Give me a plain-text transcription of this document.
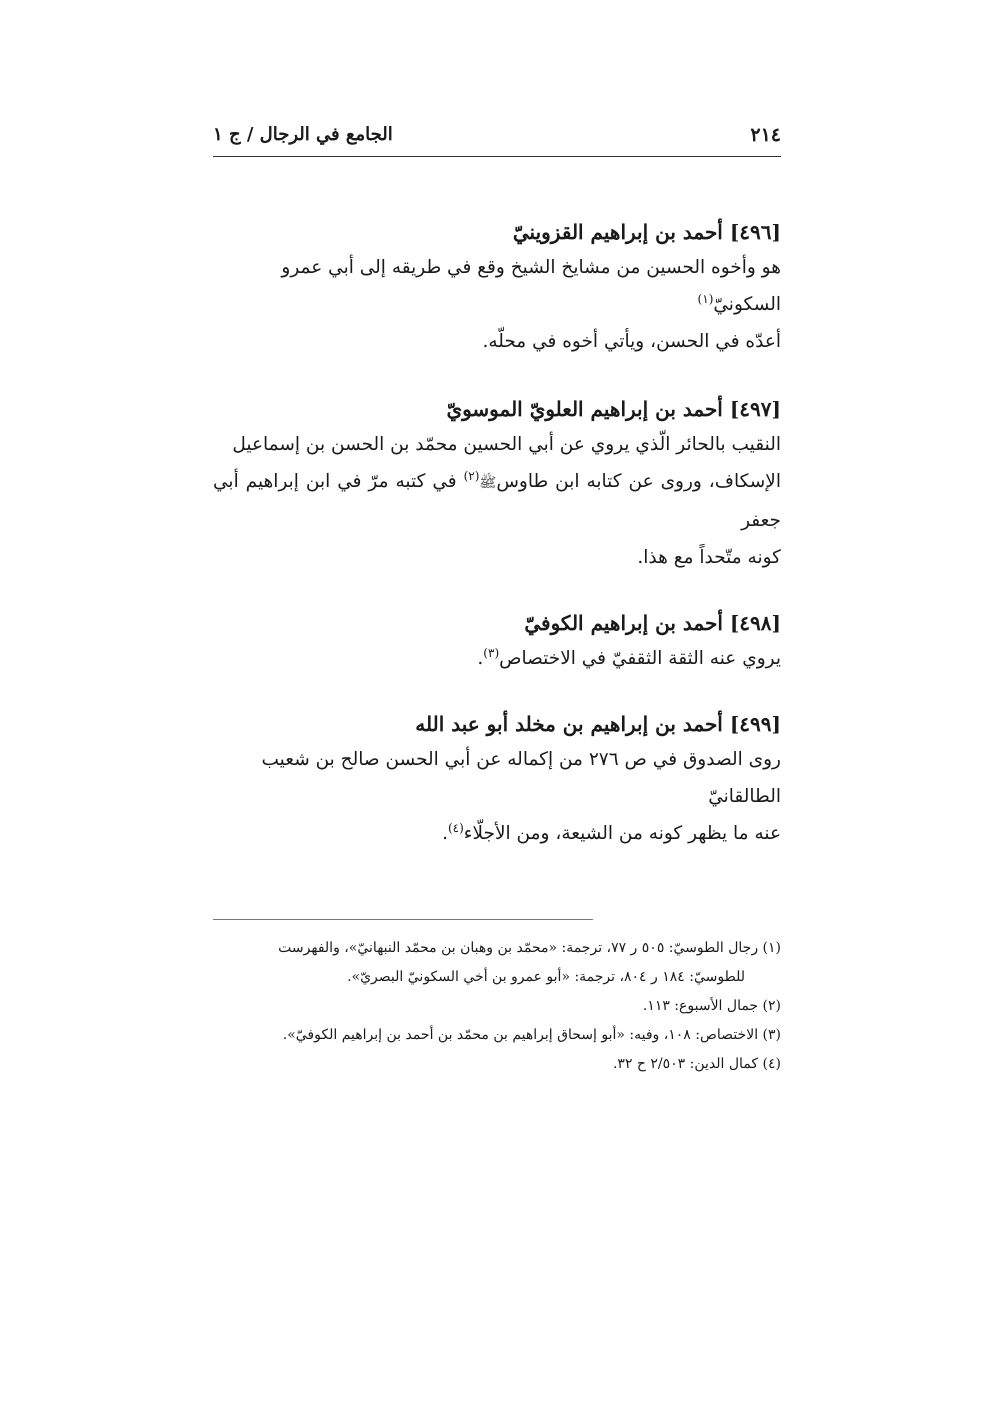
٢١٤
الجامع في الرجال / ج ١

[٤٩٦] أحمد بن إبراهيم القزوينيّ

هو وأخوه الحسين من مشايخ الشيخ وقع في طريقه إلى أبي عمرو السكونيّ$^{(١)}$
أعدّه في الحسن، ويأتي أخوه في محلّه.

[٤٩٧] أحمد بن إبراهيم العلويّ الموسويّ

النقيب بالحائر الّذي يروي عن أبي الحسين محمّد بن الحسن بن إسماعيل
الإسكاف، وروى عن كتابه ابن طاوسﷺ$^{(٢)}$ في كتبه مرّ في ابن إبراهيم أبي جعفر
كونه متّحداً مع هذا.

[٤٩٨] أحمد بن إبراهيم الكوفيّ

يروي عنه الثقة الثقفيّ في الاختصاص$^{(٣)}$.

[٤٩٩] أحمد بن إبراهيم بن مخلد أبو عبد الله

روى الصدوق في ص ٢٧٦ من إكماله عن أبي الحسن صالح بن شعيب الطالقانيّ
عنه ما يظهر كونه من الشيعة، ومن الأجلّاء$^{(٤)}$.

(١) رجال الطوسيّ: ٥٠٥ ر ٧٧، ترجمة: «محمّد بن وهبان بن محمّد النبهانيّ»، والفهرست
للطوسيّ: ١٨٤ ر ٨٠٤، ترجمة: «أبو عمرو بن أخي السكونيّ البصريّ».

(٢) جمال الأسبوع: ١١٣.

(٣) الاختصاص: ١٠٨، وفيه: «أبو إسحاق إبراهيم بن محمّد بن أحمد بن إبراهيم الكوفيّ».

(٤) كمال الدين: ٢/٥٠٣ ح ٣٢.
